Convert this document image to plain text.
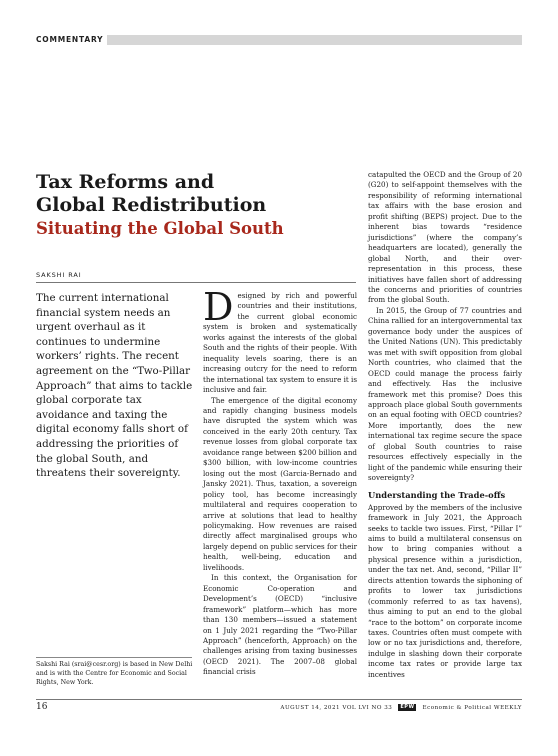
COMMENTARY
Tax Reforms and
Global Redistribution
Situating the Global South
SAKSHI RAI

The current international financial system needs an urgent overhaul as it continues to undermine workers’ rights. The recent agreement on the “Two-Pillar Approach” that aims to tackle global corporate tax avoidance and taxing the digital economy falls short of addressing the priorities of the global South, and threatens their sovereignty.

Sakshi Rai (srai@cesr.org) is based in New Delhi and is with the Centre for Economic and Social Rights, New York.

Designed by rich and powerful countries and their institutions, the current global economic system is broken and systematically works against the interests of the global South and the rights of their people. With inequality levels soaring, there is an increasing outcry for the need to reform the international tax system to ensure it is inclusive and fair.

The emergence of the digital economy and rapidly changing business models have disrupted the system which was conceived in the early 20th century. Tax revenue losses from global corporate tax avoidance range between $200 billion and $300 billion, with low-income countries losing out the most (Garcia-Bernado and Jansky 2021). Thus, taxation, a sovereign policy tool, has become increasingly multilateral and requires cooperation to arrive at solutions that lead to healthy policymaking. How revenues are raised directly affect marginalised groups who largely depend on public services for their health, well-being, education and livelihoods.

In this context, the Organisation for Economic Co-operation and Development’s (OECD) “inclusive framework” platform—which has more than 130 members—issued a statement on 1 July 2021 regarding the “Two-Pillar Approach” (henceforth, Approach) on the challenges arising from taxing businesses (OECD 2021). The 2007–08 global financial crisis

catapulted the OECD and the Group of 20 (G20) to self-appoint themselves with the responsibility of reforming international tax affairs with the base erosion and profit shifting (BEPS) project. Due to the inherent bias towards “residence jurisdictions” (where the company’s headquarters are located), generally the global North, and their over-representation in this process, these initiatives have fallen short of addressing the concerns and priorities of countries from the global South.

In 2015, the Group of 77 countries and China rallied for an intergovernmental tax governance body under the auspices of the United Nations (UN). This predictably was met with swift opposition from global North countries, who claimed that the OECD could manage the process fairly and effectively. Has the inclusive framework met this promise? Does this approach place global South governments on an equal footing with OECD countries? More importantly, does the new international tax regime secure the space of global South countries to raise resources effectively especially in the light of the pandemic while ensuring their sovereignty?

Understanding the Trade-offs

Approved by the members of the inclusive framework in July 2021, the Approach seeks to tackle two issues. First, “Pillar I” aims to build a multilateral consensus on how to bring companies without a physical presence within a jurisdiction, under the tax net. And, second, “Pillar II” directs attention towards the siphoning of profits to lower tax jurisdictions (commonly referred to as tax havens), thus aiming to put an end to the global “race to the bottom” on corporate income taxes. Countries often must compete with low or no tax jurisdictions and, therefore, indulge in slashing down their corporate income tax rates or provide large tax incentives

16	AUGUST 14, 2021 VOL LVI NO 33	EPW	Economic & Political WEEKLY
